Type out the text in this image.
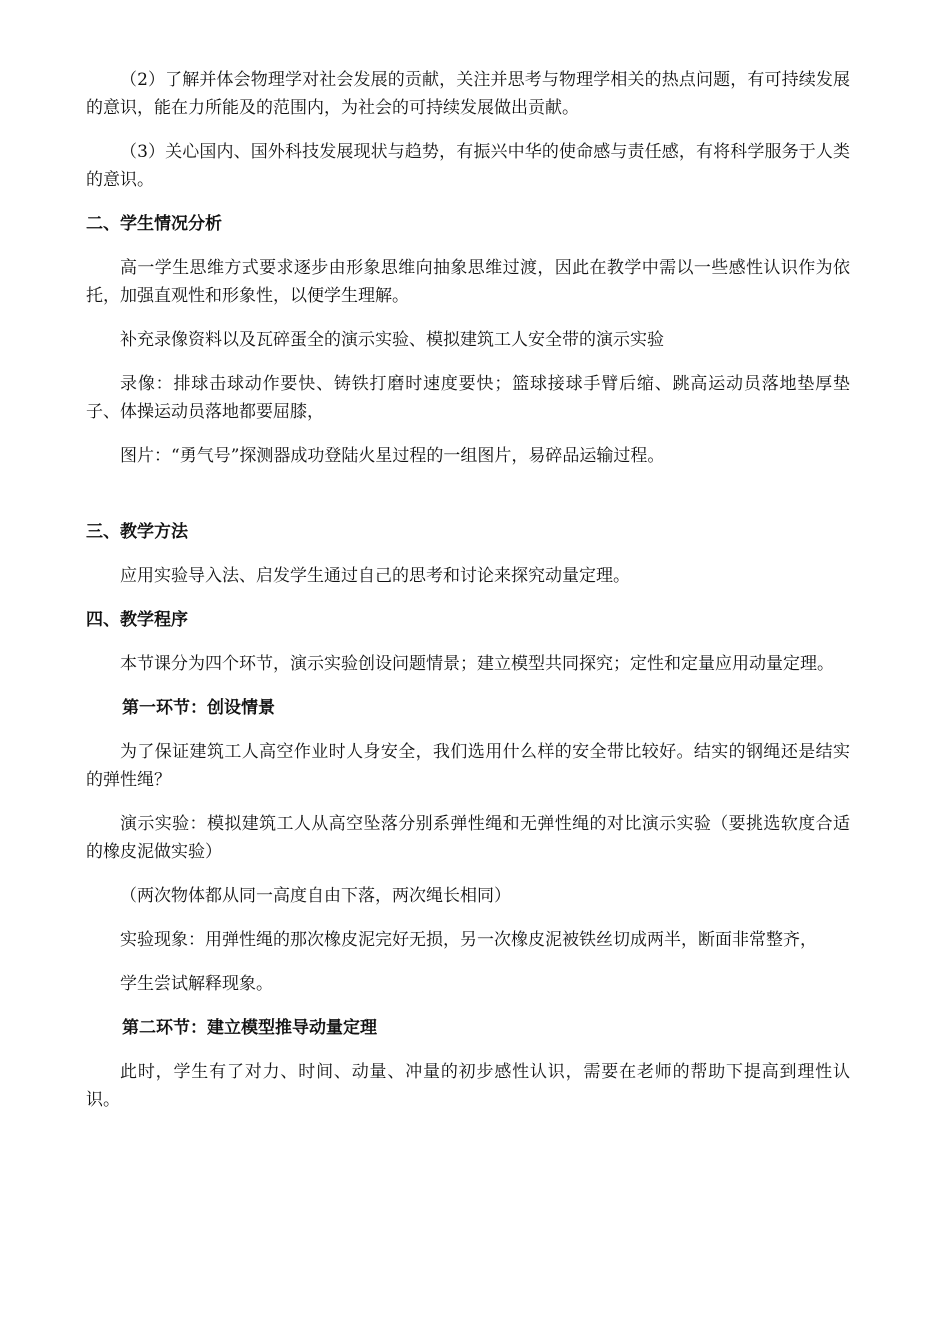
（2）了解并体会物理学对社会发展的贡献，关注并思考与物理学相关的热点问题，有可持续发展的意识，能在力所能及的范围内，为社会的可持续发展做出贡献。

（3）关心国内、国外科技发展现状与趋势，有振兴中华的使命感与责任感，有将科学服务于人类的意识。

二、学生情况分析

高一学生思维方式要求逐步由形象思维向抽象思维过渡，因此在教学中需以一些感性认识作为依托，加强直观性和形象性，以便学生理解。

补充录像资料以及瓦碎蛋全的演示实验、模拟建筑工人安全带的演示实验

录像：排球击球动作要快、铸铁打磨时速度要快；篮球接球手臂后缩、跳高运动员落地垫厚垫子、体操运动员落地都要屈膝，

图片：“勇气号”探测器成功登陆火星过程的一组图片，易碎品运输过程。

三、教学方法

应用实验导入法、启发学生通过自己的思考和讨论来探究动量定理。

四、教学程序

本节课分为四个环节，演示实验创设问题情景；建立模型共同探究；定性和定量应用动量定理。

第一环节：创设情景

为了保证建筑工人高空作业时人身安全，我们选用什么样的安全带比较好。结实的钢绳还是结实的弹性绳？

演示实验：模拟建筑工人从高空坠落分别系弹性绳和无弹性绳的对比演示实验（要挑选软度合适的橡皮泥做实验）

（两次物体都从同一高度自由下落，两次绳长相同）

实验现象：用弹性绳的那次橡皮泥完好无损，另一次橡皮泥被铁丝切成两半，断面非常整齐，

学生尝试解释现象。

第二环节：建立模型推导动量定理

此时，学生有了对力、时间、动量、冲量的初步感性认识，需要在老师的帮助下提高到理性认识。
